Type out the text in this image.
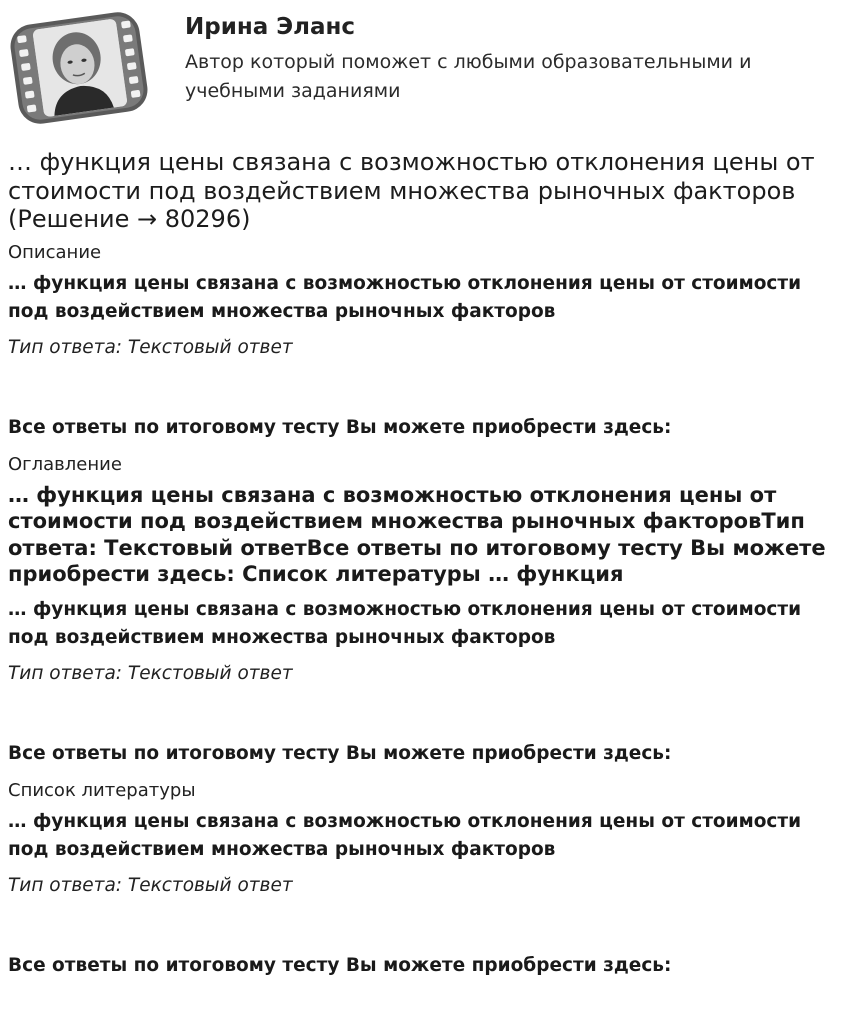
Ирина Эланс

Автор который поможет с любыми образовательными и учебными заданиями

… функция цены связана с возможностью отклонения цены от стоимости под воздействием множества рыночных факторов (Решение → 80296)
Описание
… функция цены связана с возможностью отклонения цены от стоимости под воздействием множества рыночных факторов
Тип ответа: Текстовый ответ
Все ответы по итоговому тесту Вы можете приобрести здесь:
Оглавление
… функция цены связана с возможностью отклонения цены от стоимости под воздействием множества рыночных факторовТип ответа: Текстовый ответВсе ответы по итоговому тесту Вы можете приобрести здесь: Список литературы … функция
… функция цены связана с возможностью отклонения цены от стоимости под воздействием множества рыночных факторов
Тип ответа: Текстовый ответ
Все ответы по итоговому тесту Вы можете приобрести здесь:
Список литературы
… функция цены связана с возможностью отклонения цены от стоимости под воздействием множества рыночных факторов
Тип ответа: Текстовый ответ
Все ответы по итоговому тесту Вы можете приобрести здесь:
